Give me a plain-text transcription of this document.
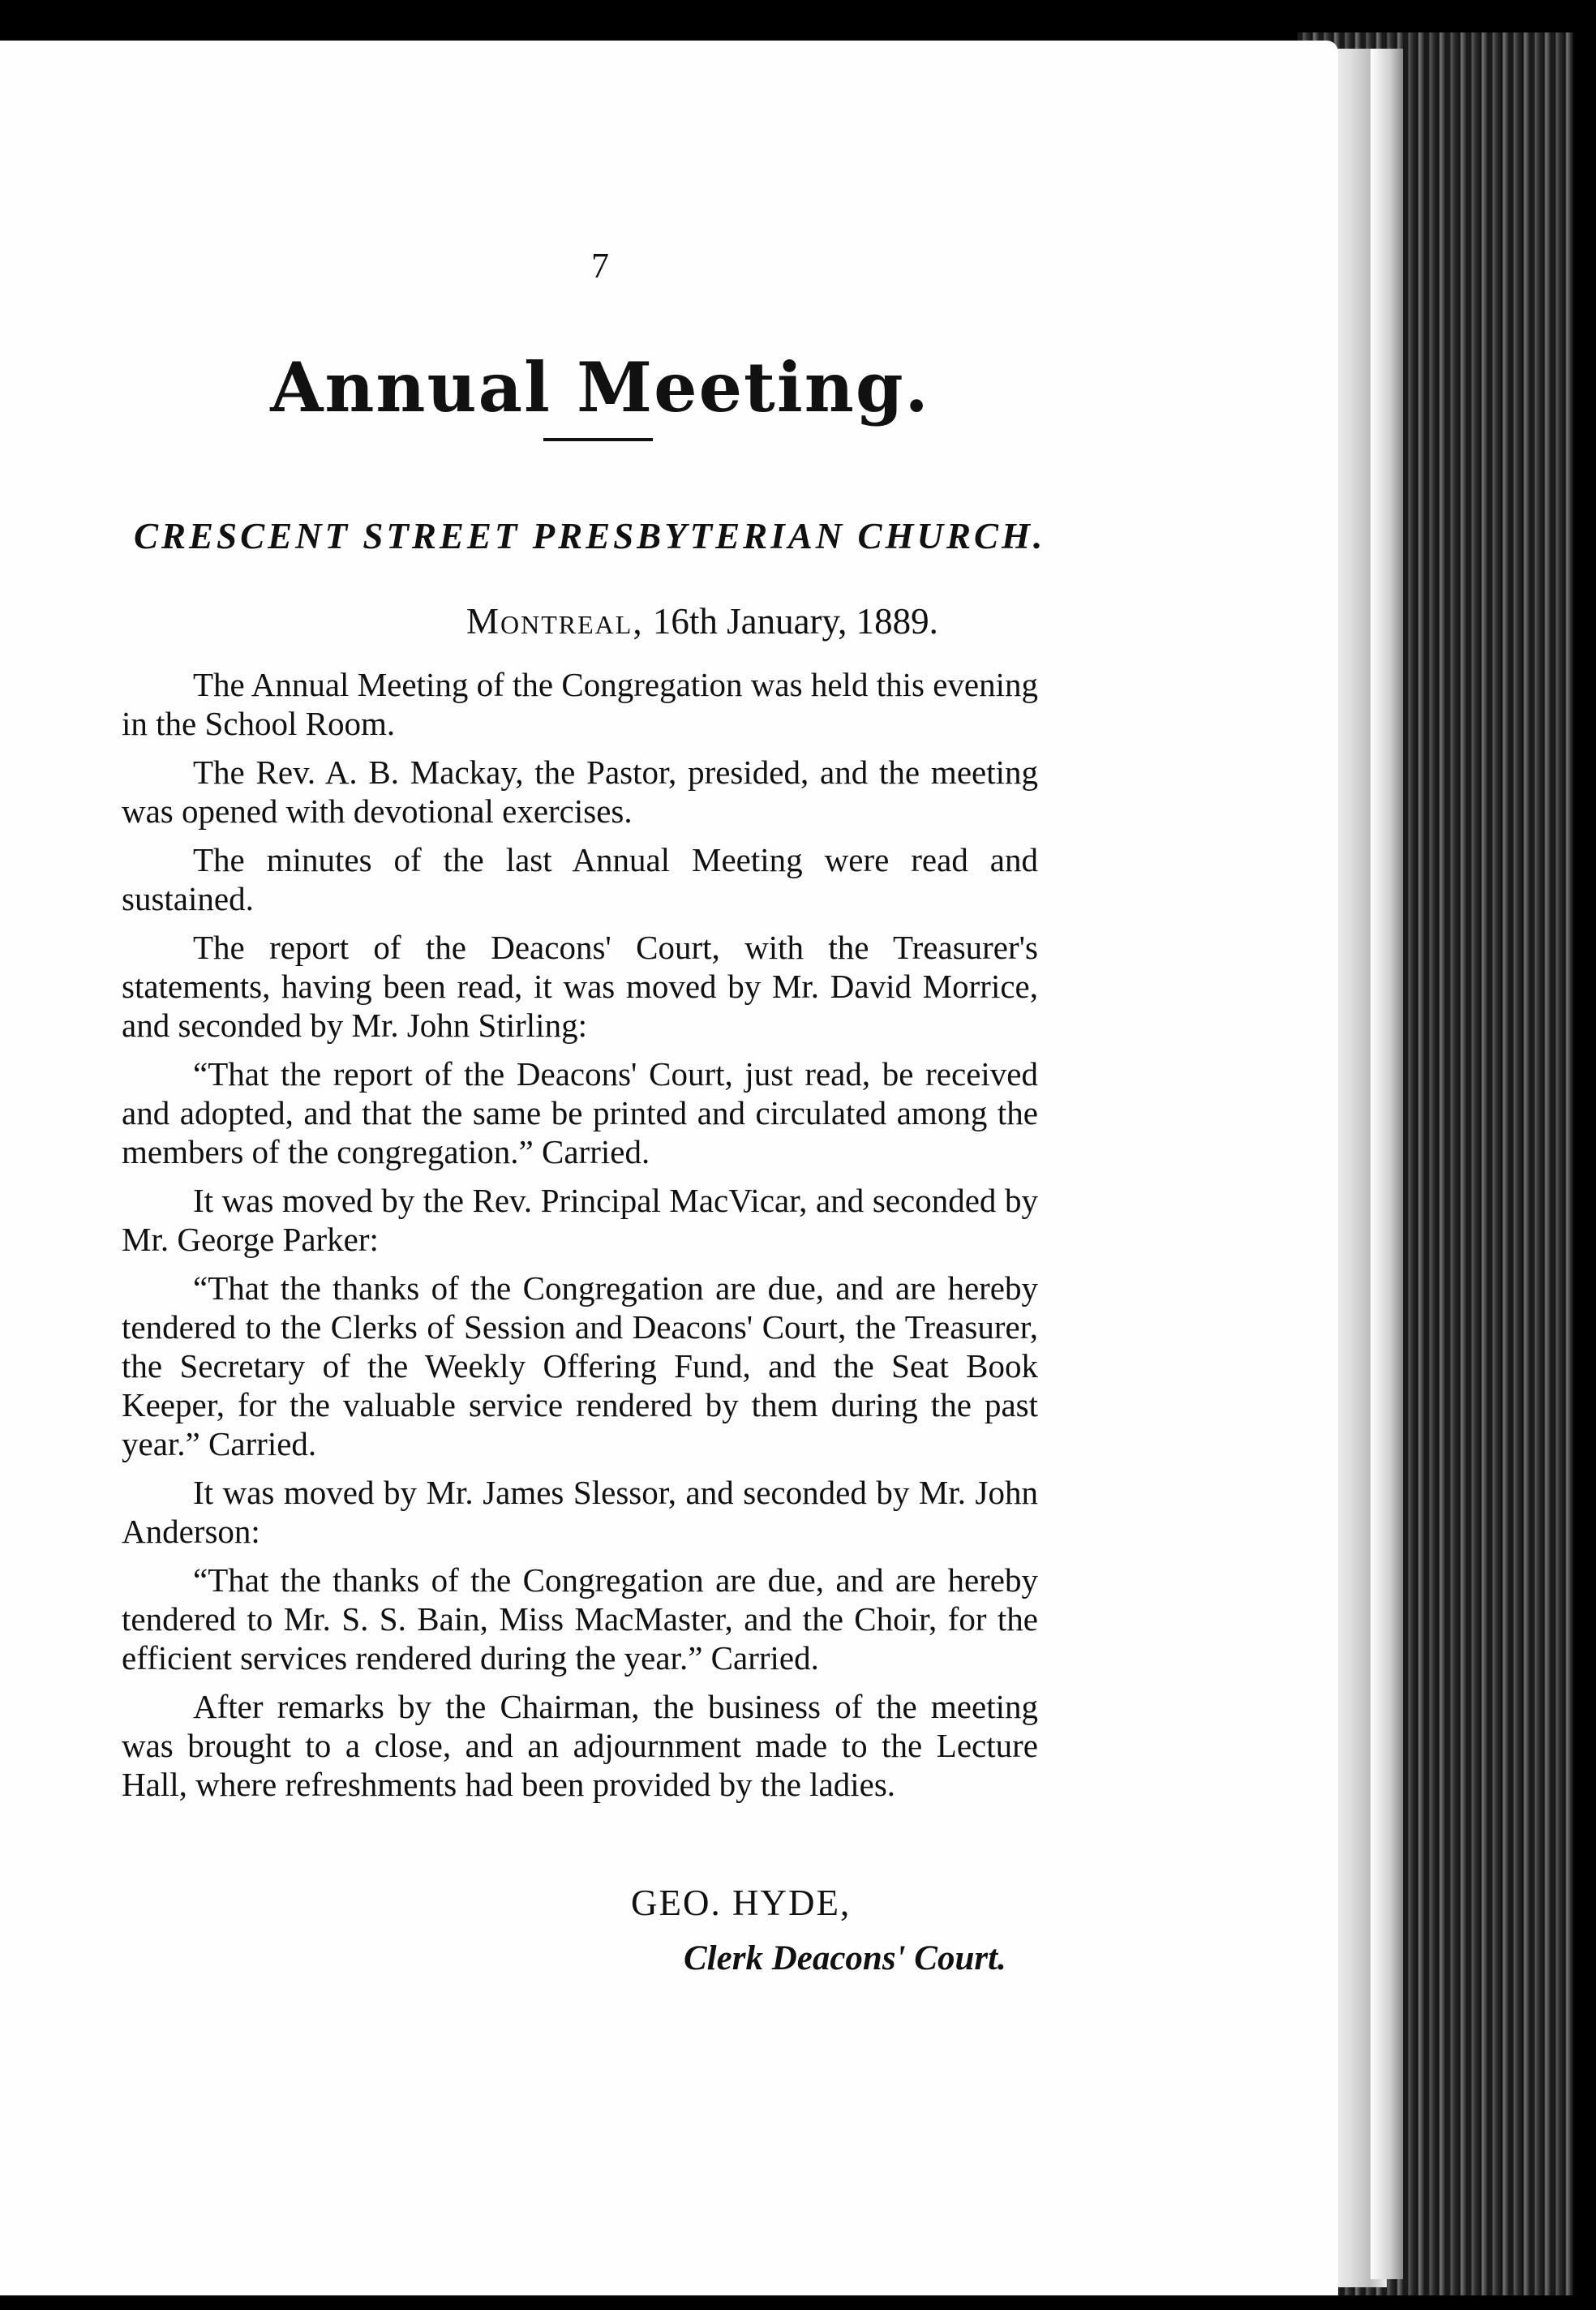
7
Annual Meeting.
CRESCENT STREET PRESBYTERIAN CHURCH.
Montreal, 16th January, 1889.

The Annual Meeting of the Congregation was held this evening in the School Room.

The Rev. A. B. Mackay, the Pastor, presided, and the meeting was opened with devotional exercises.

The minutes of the last Annual Meeting were read and sustained.

The report of the Deacons' Court, with the Treasurer's statements, having been read, it was moved by Mr. David Morrice, and seconded by Mr. John Stirling:

“That the report of the Deacons' Court, just read, be received and adopted, and that the same be printed and circulated among the members of the congregation.” Carried.

It was moved by the Rev. Principal MacVicar, and seconded by Mr. George Parker:

“That the thanks of the Congregation are due, and are hereby tendered to the Clerks of Session and Deacons' Court, the Treasurer, the Secretary of the Weekly Offering Fund, and the Seat Book Keeper, for the valuable service rendered by them during the past year.” Carried.

It was moved by Mr. James Slessor, and seconded by Mr. John Anderson:

“That the thanks of the Congregation are due, and are hereby tendered to Mr. S. S. Bain, Miss MacMaster, and the Choir, for the efficient services rendered during the year.” Carried.

After remarks by the Chairman, the business of the meeting was brought to a close, and an adjournment made to the Lecture Hall, where refreshments had been provided by the ladies.

GEO. HYDE,
Clerk Deacons' Court.
